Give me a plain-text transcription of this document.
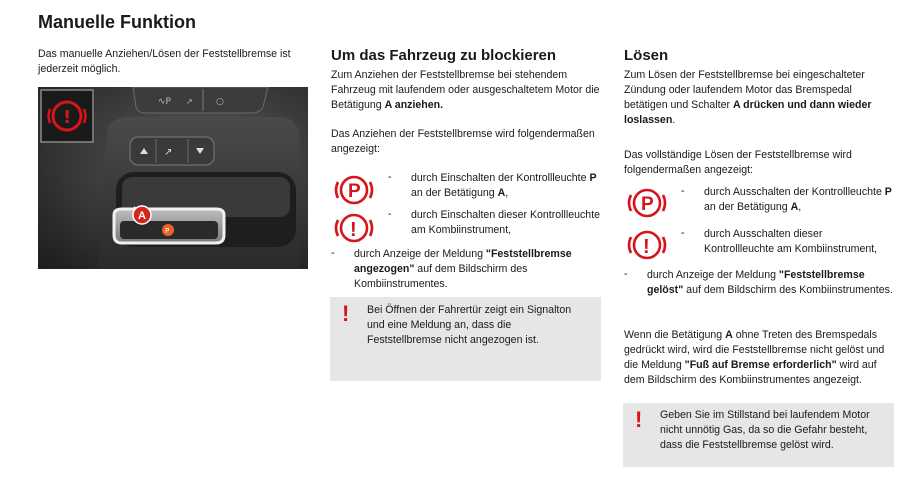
Manuelle Funktion
Das manuelle Anziehen/Lösen der Feststellbremse ist jederzeit möglich.
∿P ↗	○
↗
P
A
!
Um das Fahrzeug zu blockieren
Zum Anziehen der Feststellbremse bei stehendem Fahrzeug mit laufendem oder ausgeschaltetem Motor die Betätigung A anziehen.
Das Anziehen der Feststellbremse wird folgendermaßen angezeigt:
P
- durch Einschalten der Kontrollleuchte P an der Betätigung A,
!
- durch Einschalten dieser Kontrollleuchte am Kombiinstrument,
- durch Anzeige der Meldung "Feststellbremse angezogen" auf dem Bildschirm des Kombiinstrumentes.
! Bei Öffnen der Fahrertür zeigt ein Signalton und eine Meldung an, dass die Feststellbremse nicht angezogen ist.
Lösen
Zum Lösen der Feststellbremse bei eingeschalteter Zündung oder laufendem Motor das Bremspedal betätigen und Schalter A drücken und dann wieder loslassen.
Das vollständige Lösen der Feststellbremse wird folgendermaßen angezeigt:
P
- durch Ausschalten der Kontrollleuchte P an der Betätigung A,
!
- durch Ausschalten dieser Kontrollleuchte am Kombiinstrument,
- durch Anzeige der Meldung "Feststellbremse gelöst" auf dem Bildschirm des Kombiinstrumentes.
Wenn die Betätigung A ohne Treten des Bremspedals gedrückt wird, wird die Feststellbremse nicht gelöst und die Meldung "Fuß auf Bremse erforderlich" wird auf dem Bildschirm des Kombiinstrumentes angezeigt.
! Geben Sie im Stillstand bei laufendem Motor nicht unnötig Gas, da so die Gefahr besteht, dass die Feststellbremse gelöst wird.
